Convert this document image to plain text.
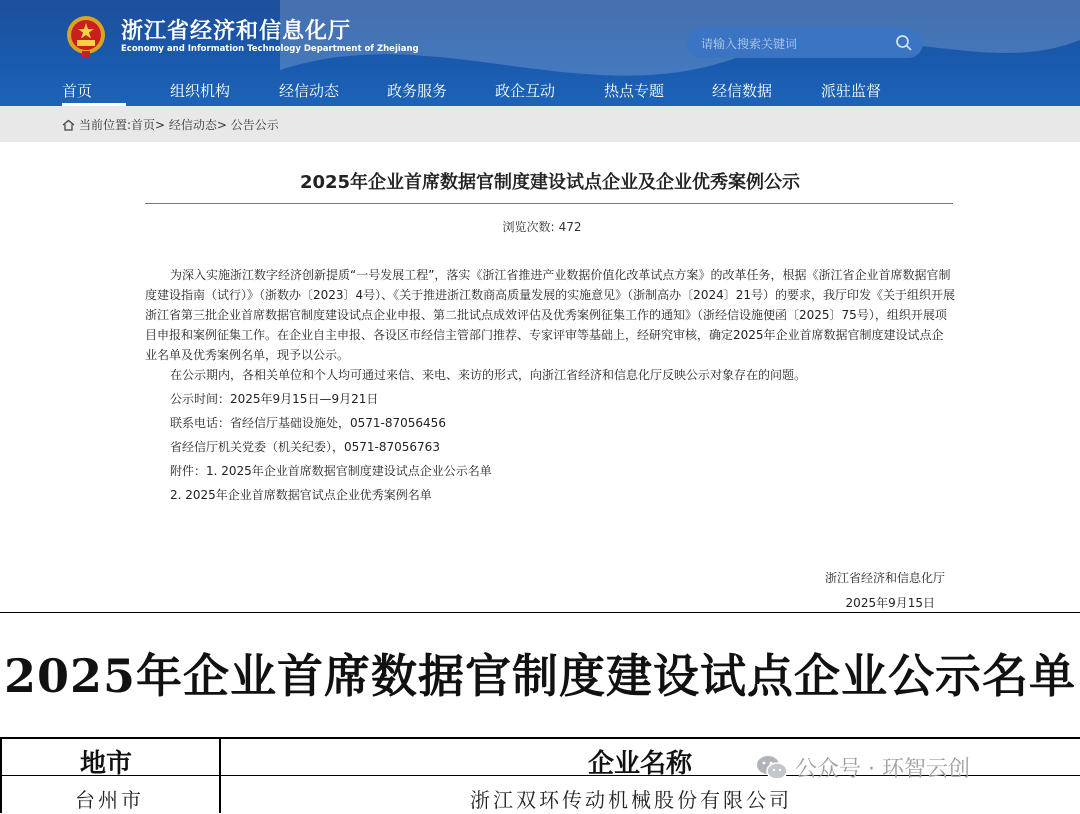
浙江省经济和信息化厅
Economy and Information Technology Department of Zhejiang
请输入搜索关键词
首页	组织机构	经信动态	政务服务	政企互动	热点专题	经信数据	派驻监督
当前位置:首页> 经信动态> 公告公示
2025年企业首席数据官制度建设试点企业及企业优秀案例公示
浏览次数: 472

为深入实施浙江数字经济创新提质“一号发展工程”，落实《浙江省推进产业数据价值化改革试点方案》的改革任务，根据《浙江省企业首席数据官制度建设指南（试行）》（浙数办〔2023〕4号）、《关于推进浙江数商高质量发展的实施意见》（浙制高办〔2024〕21号）的要求，我厅印发《关于组织开展浙江省第三批企业首席数据官制度建设试点企业申报、第二批试点成效评估及优秀案例征集工作的通知》（浙经信设施便函〔2025〕75号），组织开展项目申报和案例征集工作。在企业自主申报、各设区市经信主管部门推荐、专家评审等基础上，经研究审核，确定2025年企业首席数据官制度建设试点企业名单及优秀案例名单，现予以公示。

在公示期内，各相关单位和个人均可通过来信、来电、来访的形式，向浙江省经济和信息化厅反映公示对象存在的问题。

公示时间：2025年9月15日—9月21日

联系电话：省经信厅基础设施处，0571-87056456

省经信厅机关党委（机关纪委），0571-87056763

附件：1. 2025年企业首席数据官制度建设试点企业公示名单

2. 2025年企业首席数据官试点企业优秀案例名单

浙江省经济和信息化厅
2025年9月15日
2025年企业首席数据官制度建设试点企业公示名单
地市	企业名称
台州市	浙江双环传动机械股份有限公司
公众号 · 环智云创
